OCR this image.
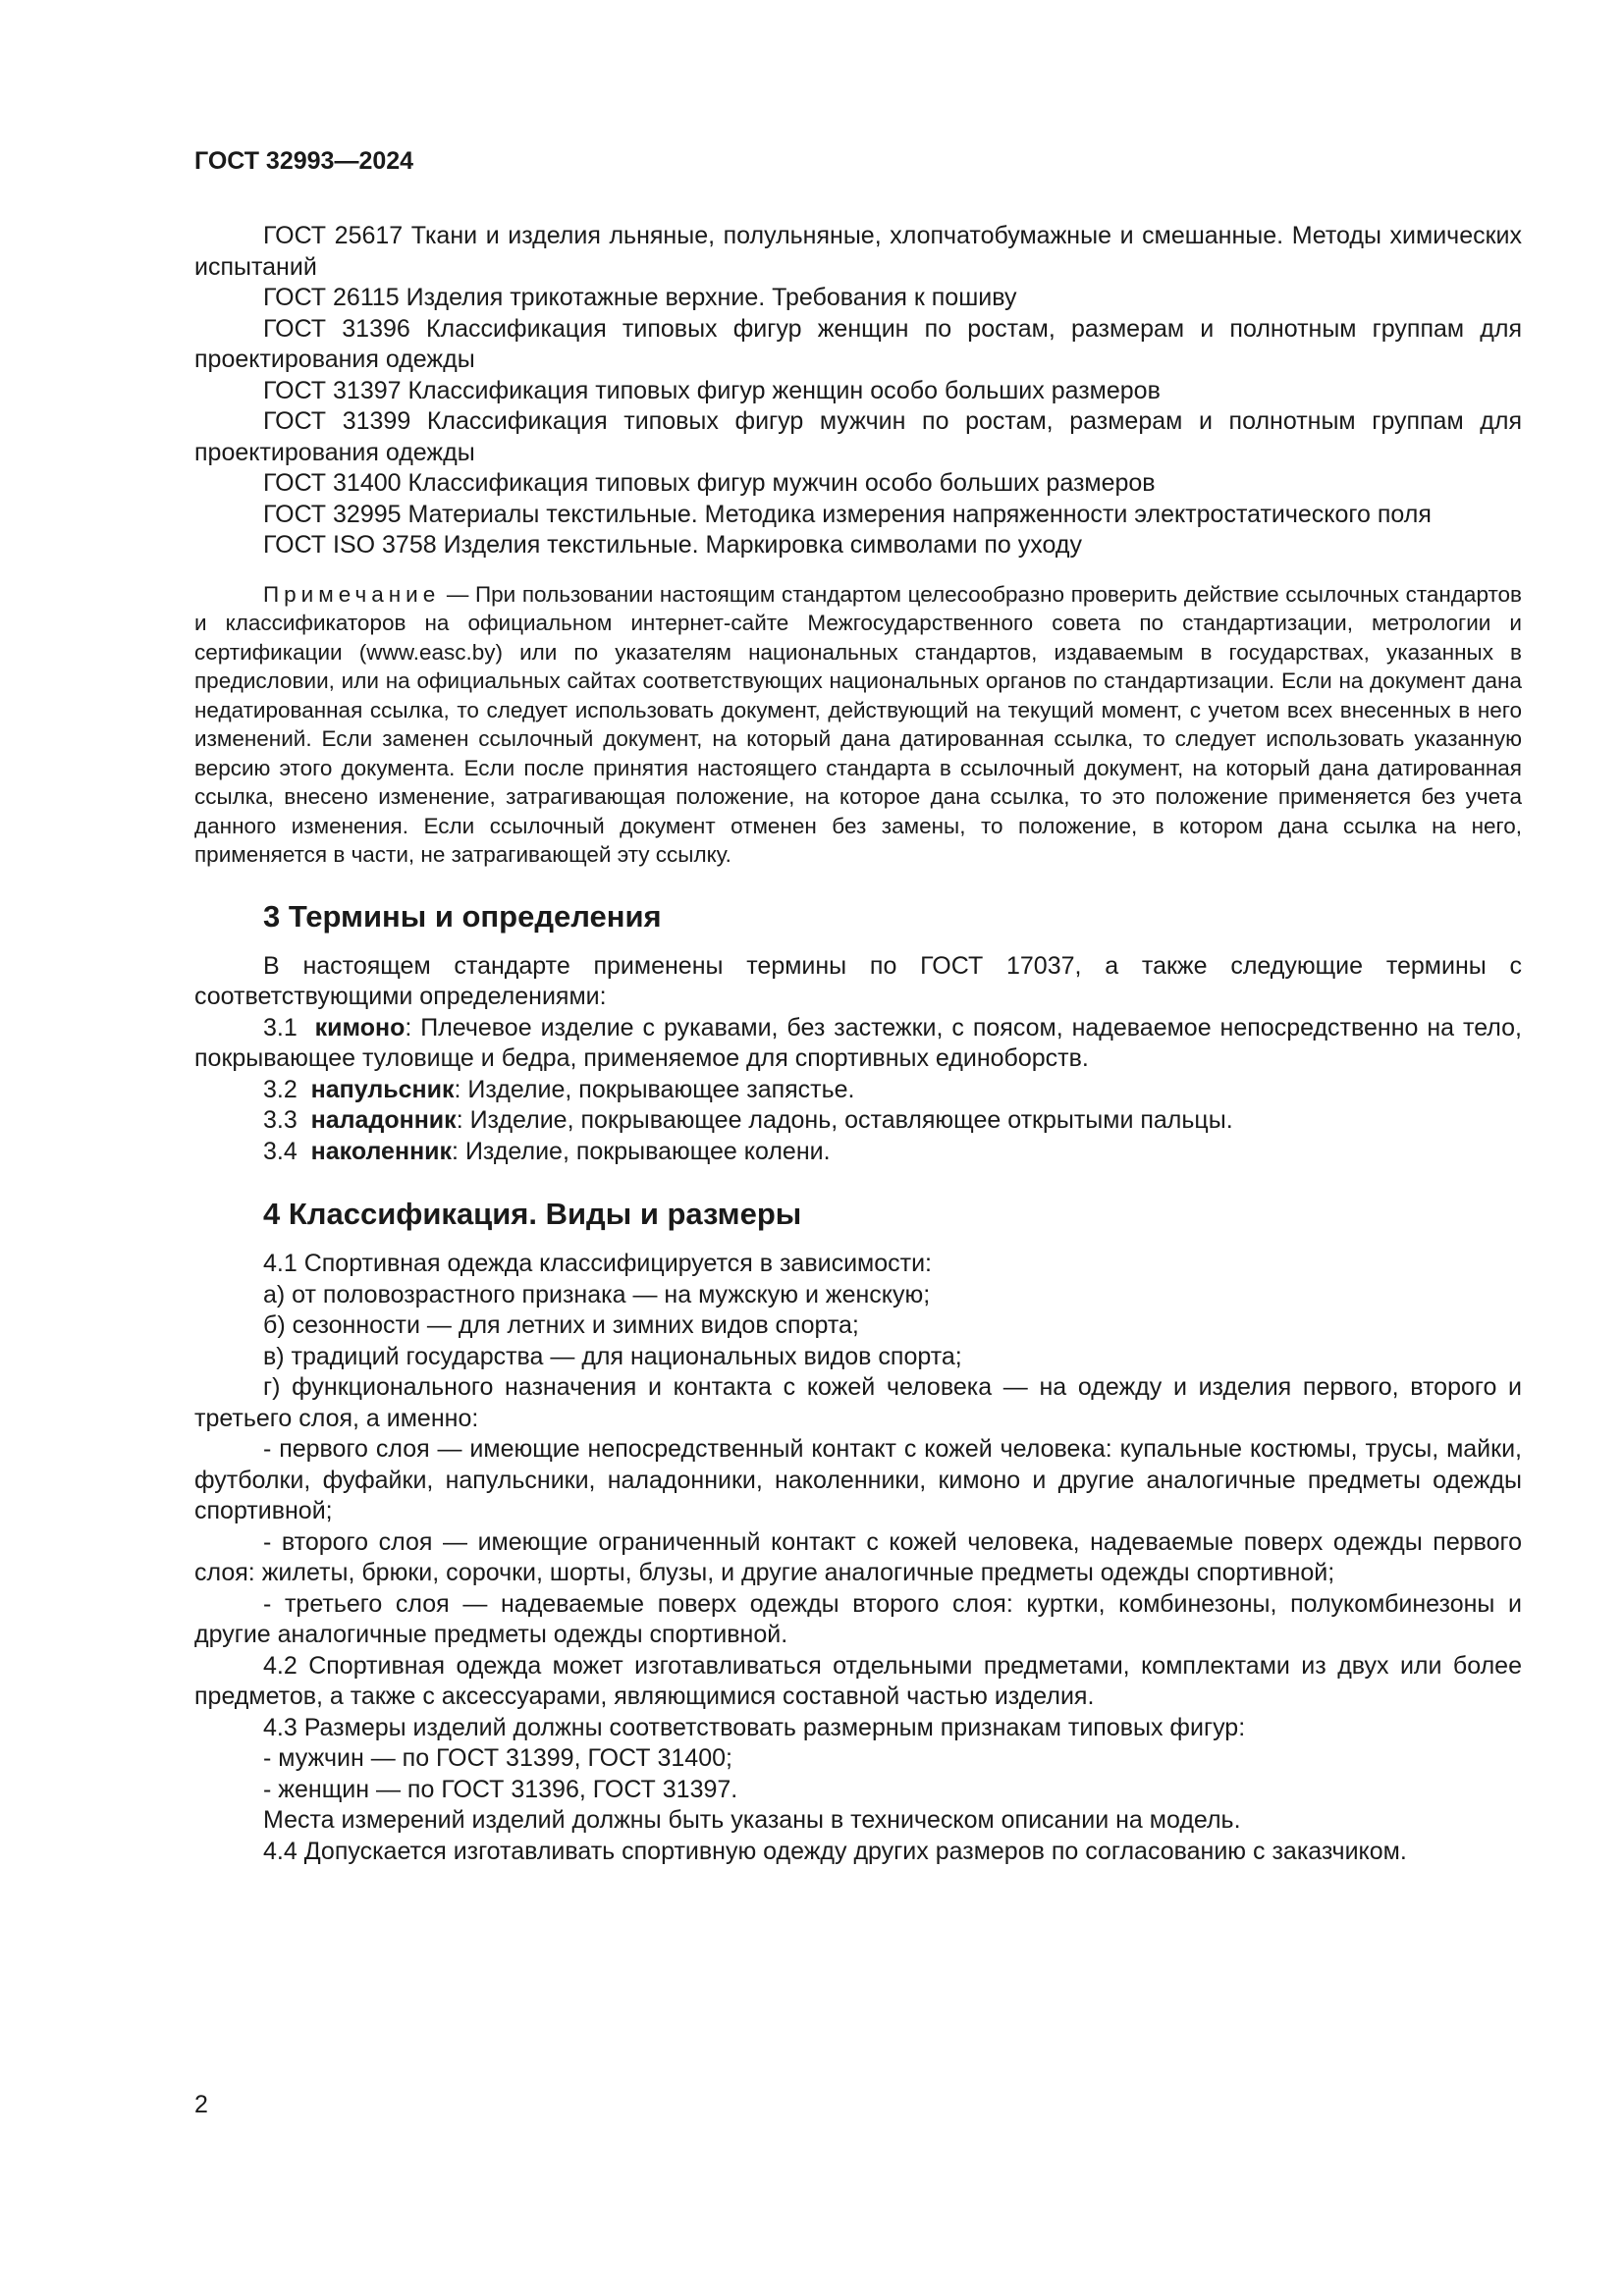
ГОСТ 32993—2024

ГОСТ 25617 Ткани и изделия льняные, полульняные, хлопчатобумажные и смешанные. Методы химических испытаний

ГОСТ 26115 Изделия трикотажные верхние. Требования к пошиву

ГОСТ 31396 Классификация типовых фигур женщин по ростам, размерам и полнотным группам для проектирования одежды

ГОСТ 31397 Классификация типовых фигур женщин особо больших размеров

ГОСТ 31399 Классификация типовых фигур мужчин по ростам, размерам и полнотным группам для проектирования одежды

ГОСТ 31400 Классификация типовых фигур мужчин особо больших размеров

ГОСТ 32995 Материалы текстильные. Методика измерения напряженности электростатического поля

ГОСТ ISO 3758 Изделия текстильные. Маркировка символами по уходу

Примечание — При пользовании настоящим стандартом целесообразно проверить действие ссылочных стандартов и классификаторов на официальном интернет-сайте Межгосударственного совета по стандартизации, метрологии и сертификации (www.easc.by) или по указателям национальных стандартов, издаваемым в государствах, указанных в предисловии, или на официальных сайтах соответствующих национальных органов по стандартизации. Если на документ дана недатированная ссылка, то следует использовать документ, действующий на текущий момент, с учетом всех внесенных в него изменений. Если заменен ссылочный документ, на который дана датированная ссылка, то следует использовать указанную версию этого документа. Если после принятия настоящего стандарта в ссылочный документ, на который дана датированная ссылка, внесено изменение, затрагивающая положение, на которое дана ссылка, то это положение применяется без учета данного изменения. Если ссылочный документ отменен без замены, то положение, в котором дана ссылка на него, применяется в части, не затрагивающей эту ссылку.
3 Термины и определения

В настоящем стандарте применены термины по ГОСТ 17037, а также следующие термины с соответствующими определениями:

3.1 кимоно: Плечевое изделие с рукавами, без застежки, с поясом, надеваемое непосредственно на тело, покрывающее туловище и бедра, применяемое для спортивных единоборств.

3.2 напульсник: Изделие, покрывающее запястье.

3.3 наладонник: Изделие, покрывающее ладонь, оставляющее открытыми пальцы.

3.4 наколенник: Изделие, покрывающее колени.

4 Классификация. Виды и размеры

4.1 Спортивная одежда классифицируется в зависимости:

а) от половозрастного признака — на мужскую и женскую;

б) сезонности — для летних и зимних видов спорта;

в) традиций государства — для национальных видов спорта;

г) функционального назначения и контакта с кожей человека — на одежду и изделия первого, второго и третьего слоя, а именно:

- первого слоя — имеющие непосредственный контакт с кожей человека: купальные костюмы, трусы, майки, футболки, фуфайки, напульсники, наладонники, наколенники, кимоно и другие аналогичные предметы одежды спортивной;

- второго слоя — имеющие ограниченный контакт с кожей человека, надеваемые поверх одежды первого слоя: жилеты, брюки, сорочки, шорты, блузы, и другие аналогичные предметы одежды спортивной;

- третьего слоя — надеваемые поверх одежды второго слоя: куртки, комбинезоны, полукомбинезоны и другие аналогичные предметы одежды спортивной.

4.2 Спортивная одежда может изготавливаться отдельными предметами, комплектами из двух или более предметов, а также с аксессуарами, являющимися составной частью изделия.

4.3 Размеры изделий должны соответствовать размерным признакам типовых фигур:

- мужчин — по ГОСТ 31399, ГОСТ 31400;

- женщин — по ГОСТ 31396, ГОСТ 31397.

Места измерений изделий должны быть указаны в техническом описании на модель.

4.4 Допускается изготавливать спортивную одежду других размеров по согласованию с заказчиком.

2
